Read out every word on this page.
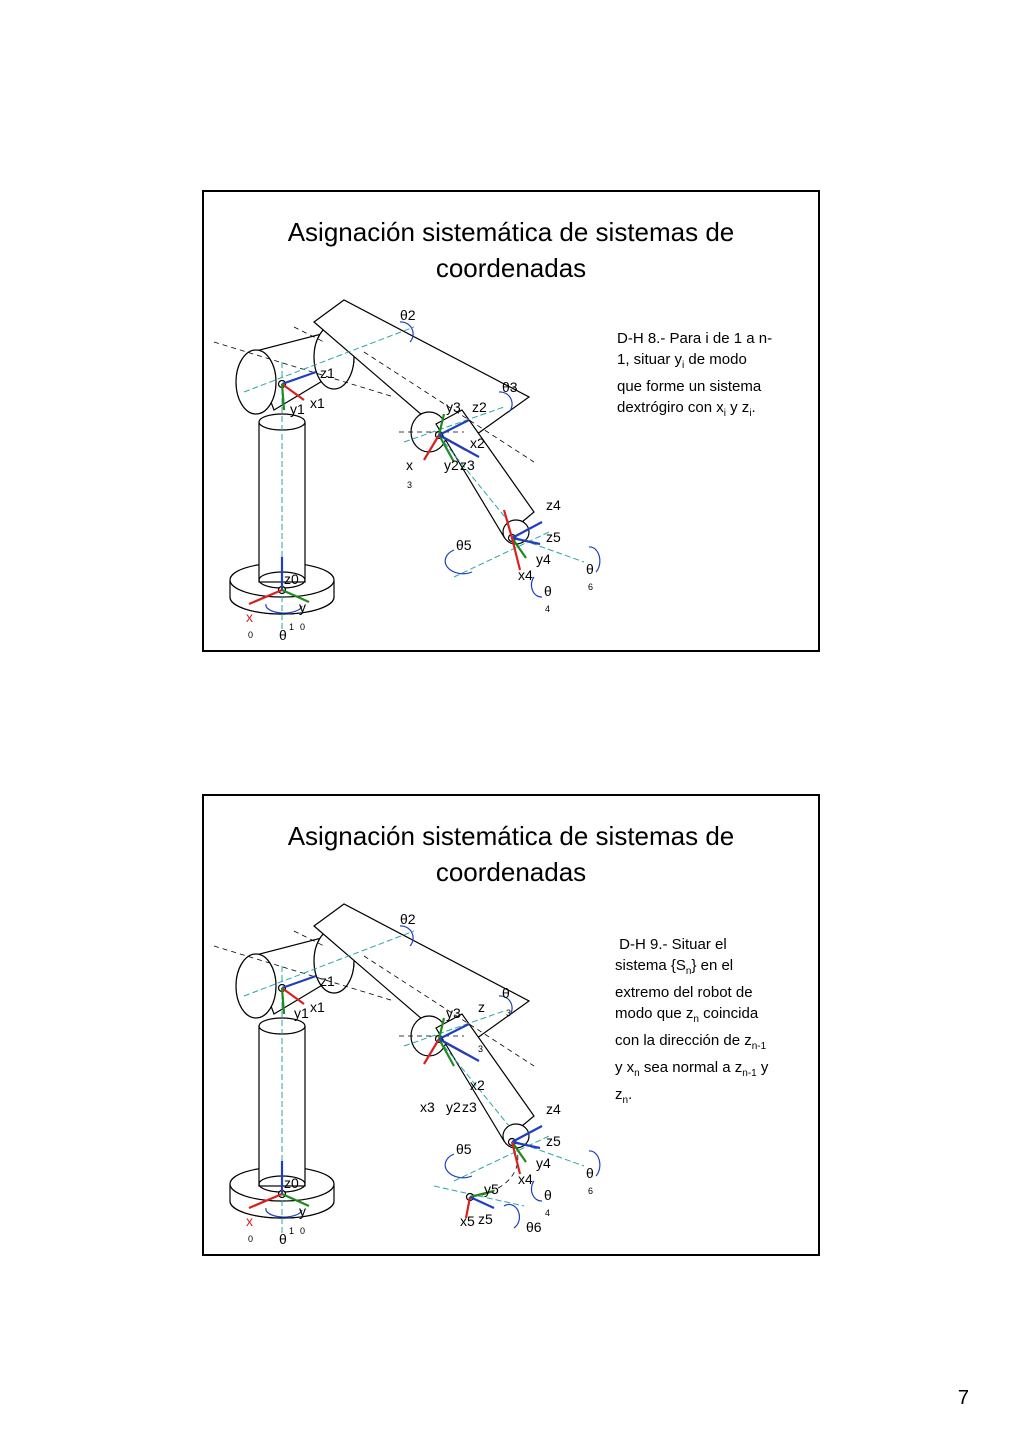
θ2
z1
y1 x1
θ3
z2
y3
x2
y2 z3
x
3
z4
z5
θ5
y4
x4
θ
4
θ
6
z0
x
0
y
1 0
θ
Asignación sistemática de sistemas de
coordenadas
D-H 8.- Para i de 1 a n-
1, situar $y_i$ de modo
que forme un sistema
dextrógiro con $x_i$ y $z_i$.
θ2
z1
y1 x1
θ
3
z
3
y3
x2
x3 y2 z3	z4
z5
θ5
y4
x4
θ
4
θ
6
y5
x5 z5 θ6
z0
x
0
y
1 0
θ
Asignación sistemática de sistemas de
coordenadas
D-H 9.- Situar el
sistema $\{S_n\}$ en el
extremo del robot de
modo que $z_n$ coincida
con la dirección de $z_{n-1}$
y $x_n$ sea normal a $z_{n-1}$ y
$z_n$.
7
